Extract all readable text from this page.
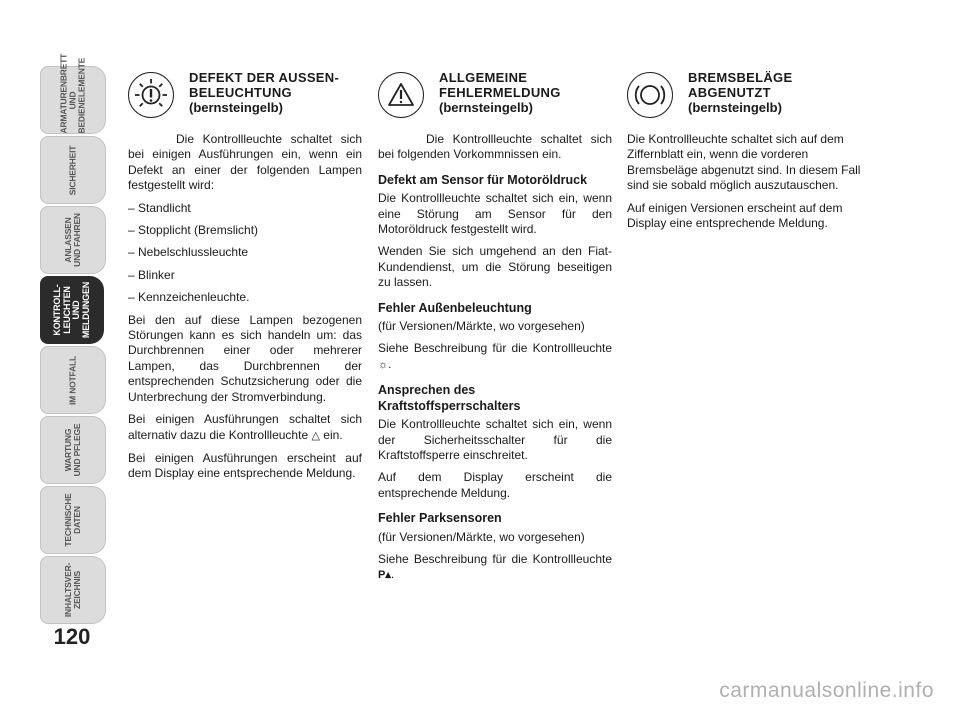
ARMATURENBRETT
UND
BEDIENELEMENTE
SICHERHEIT
ANLASSEN
UND FAHREN
KONTROLL-
LEUCHTEN UND
MELDUNGEN
IM NOTFALL
WARTUNG
UND PFLEGE
TECHNISCHE
DATEN
INHALTSVER-
ZEICHNIS
120
DEFEKT DER AUSSEN-
BELEUCHTUNG
(bernsteingelb)

Die Kontrollleuchte schaltet sich bei einigen Ausführungen ein, wenn ein Defekt an einer der folgenden Lampen festgestellt wird:

– Standlicht

– Stopplicht (Bremslicht)

– Nebelschlussleuchte

– Blinker

– Kennzeichenleuchte.

Bei den auf diese Lampen bezogenen Störungen kann es sich handeln um: das Durchbrennen einer oder mehrerer Lampen, das Durchbrennen der entsprechenden Schutzsicherung oder die Unterbrechung der Stromverbindung.

Bei einigen Ausführungen schaltet sich alternativ dazu die Kontrollleuchte △ ein.

Bei einigen Ausführungen erscheint auf dem Display eine entsprechende Meldung.

ALLGEMEINE
FEHLERMELDUNG
(bernsteingelb)

Die Kontrollleuchte schaltet sich bei folgenden Vorkommnissen ein.

Defekt am Sensor für Motoröldruck

Die Kontrollleuchte schaltet sich ein, wenn eine Störung am Sensor für den Motoröldruck festgestellt wird.

Wenden Sie sich umgehend an den Fiat-Kundendienst, um die Störung beseitigen zu lassen.

Fehler Außenbeleuchtung

(für Versionen/Märkte, wo vorgesehen)

Siehe Beschreibung für die Kontrollleuchte ☼.

Ansprechen des Kraftstoffsperrschalters

Die Kontrollleuchte schaltet sich ein, wenn der Sicherheitsschalter für die Kraftstoffsperre einschreitet.

Auf dem Display erscheint die entsprechende Meldung.

Fehler Parksensoren

(für Versionen/Märkte, wo vorgesehen)

Siehe Beschreibung für die Kontrollleuchte P▴.

BREMSBELÄGE
ABGENUTZT
(bernsteingelb)

Die Kontrollleuchte schaltet sich auf dem Ziffernblatt ein, wenn die vorderen Bremsbeläge abgenutzt sind. In diesem Fall sind sie sobald möglich auszutauschen.

Auf einigen Versionen erscheint auf dem Display eine entsprechende Meldung.

carmanualsonline.info
